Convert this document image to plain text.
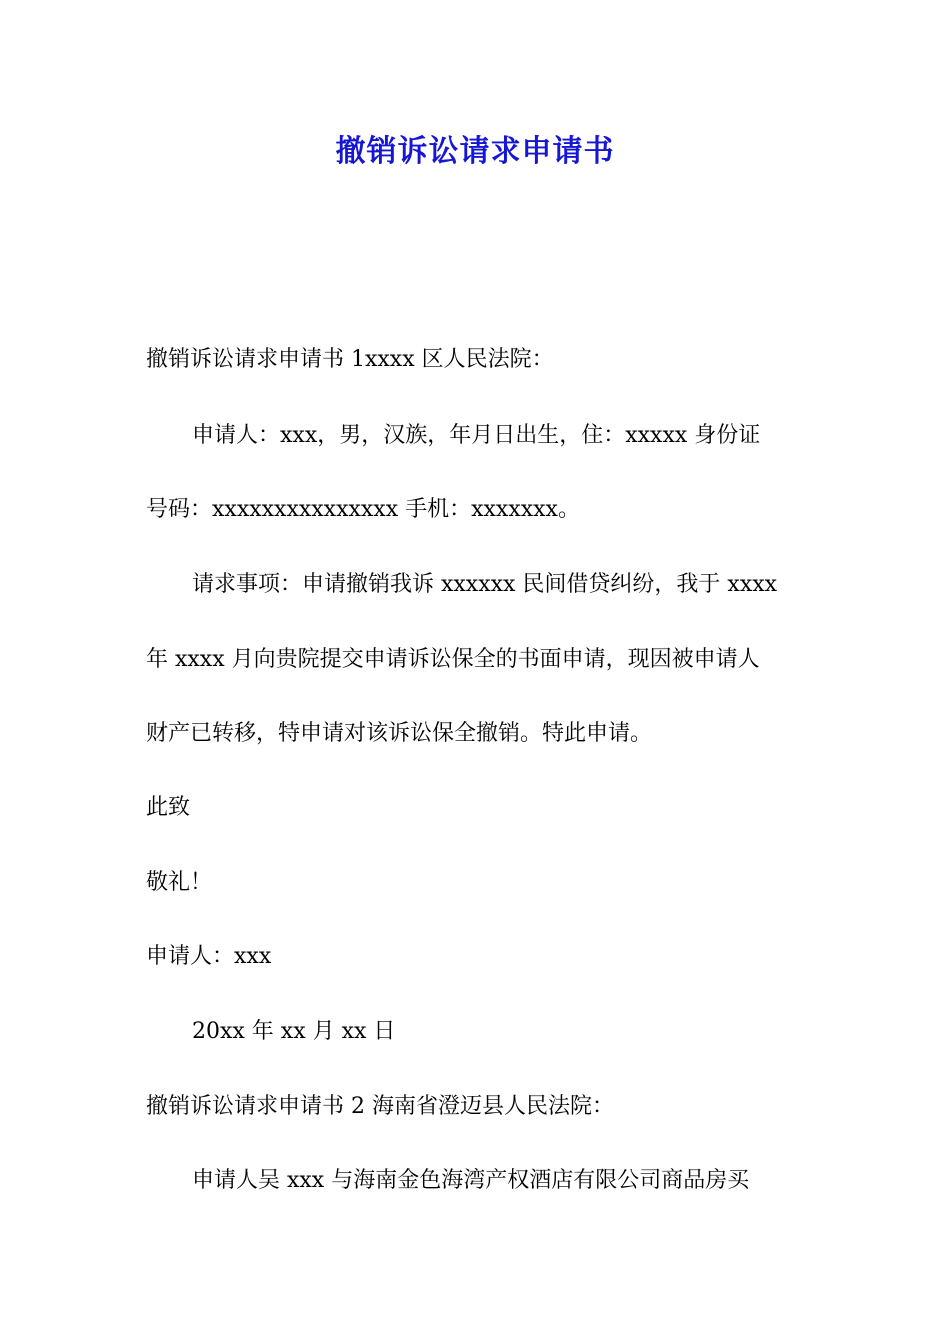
撤销诉讼请求申请书
撤销诉讼请求申请书 1xxxx 区人民法院：
申请人：xxx，男，汉族，年月日出生，住：xxxxx 身份证
号码：xxxxxxxxxxxxxxx 手机：xxxxxxx。
请求事项：申请撤销我诉 xxxxxx 民间借贷纠纷，我于 xxxx
年 xxxx 月向贵院提交申请诉讼保全的书面申请，现因被申请人
财产已转移，特申请对该诉讼保全撤销。特此申请。
此致
敬礼！
申请人：xxx
20xx 年 xx 月 xx 日
撤销诉讼请求申请书 2 海南省澄迈县人民法院：
申请人吴 xxx 与海南金色海湾产权酒店有限公司商品房买
